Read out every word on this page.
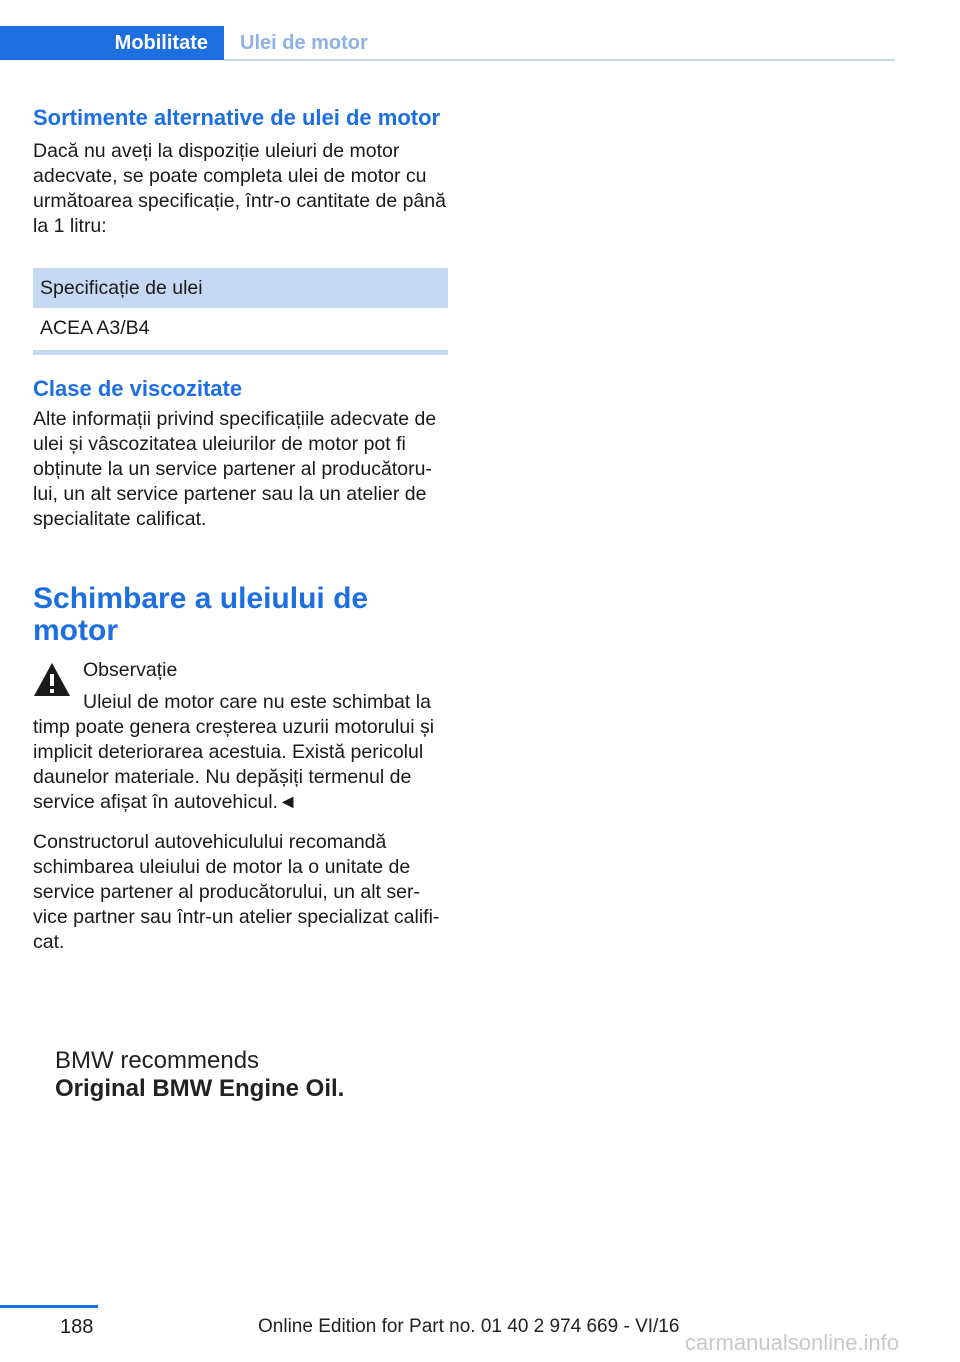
Mobilitate	Ulei de motor
Sortimente alternative de ulei de motor

Dacă nu aveți la dispoziție uleiuri de motor adecvate, se poate completa ulei de motor cu următoarea specificație, într-o cantitate de până la 1 litru:

Specificație de ulei
ACEA A3/B4
Clase de viscozitate

Alte informații privind specificațiile adecvate de ulei și vâscozitatea uleiurilor de motor pot fi obținute la un service partener al producătoru-lui, un alt service partener sau la un atelier de specialitate calificat.

Schimbare a uleiului de motor

Observație

Uleiul de motor care nu este schimbat la timp poate genera creșterea uzurii motorului și implicit deteriorarea acestuia. Există pericolul daunelor materiale. Nu depășiți termenul de service afișat în autovehicul.◄

Constructorul autovehiculului recomandă schimbarea uleiului de motor la o unitate de service partener al producătorului, un alt ser-vice partner sau într-un atelier specializat califi-cat.

BMW recommends
Original BMW Engine Oil.
188	Online Edition for Part no. 01 40 2 974 669 - VI/16
carmanualsonline.info
